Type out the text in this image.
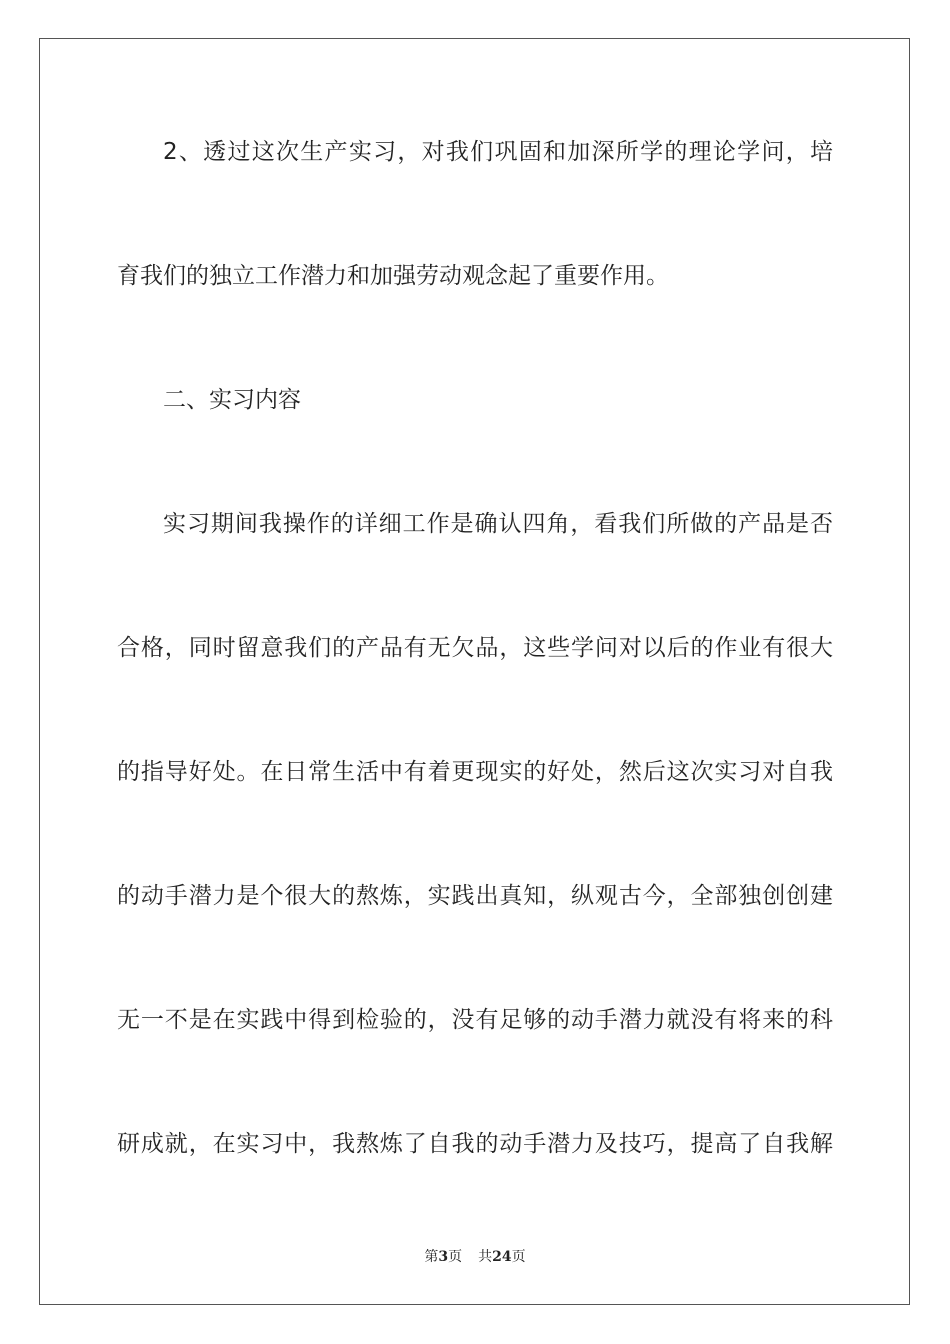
2、透过这次生产实习，对我们巩固和加深所学的理论学问，培

育我们的独立工作潜力和加强劳动观念起了重要作用。

二、实习内容

实习期间我操作的详细工作是确认四角，看我们所做的产品是否

合格，同时留意我们的产品有无欠品，这些学问对以后的作业有很大

的指导好处。在日常生活中有着更现实的好处，然后这次实习对自我

的动手潜力是个很大的熬炼，实践出真知，纵观古今，全部独创创建

无一不是在实践中得到检验的，没有足够的动手潜力就没有将来的科

研成就，在实习中，我熬炼了自我的动手潜力及技巧，提高了自我解

第3页 共24页
